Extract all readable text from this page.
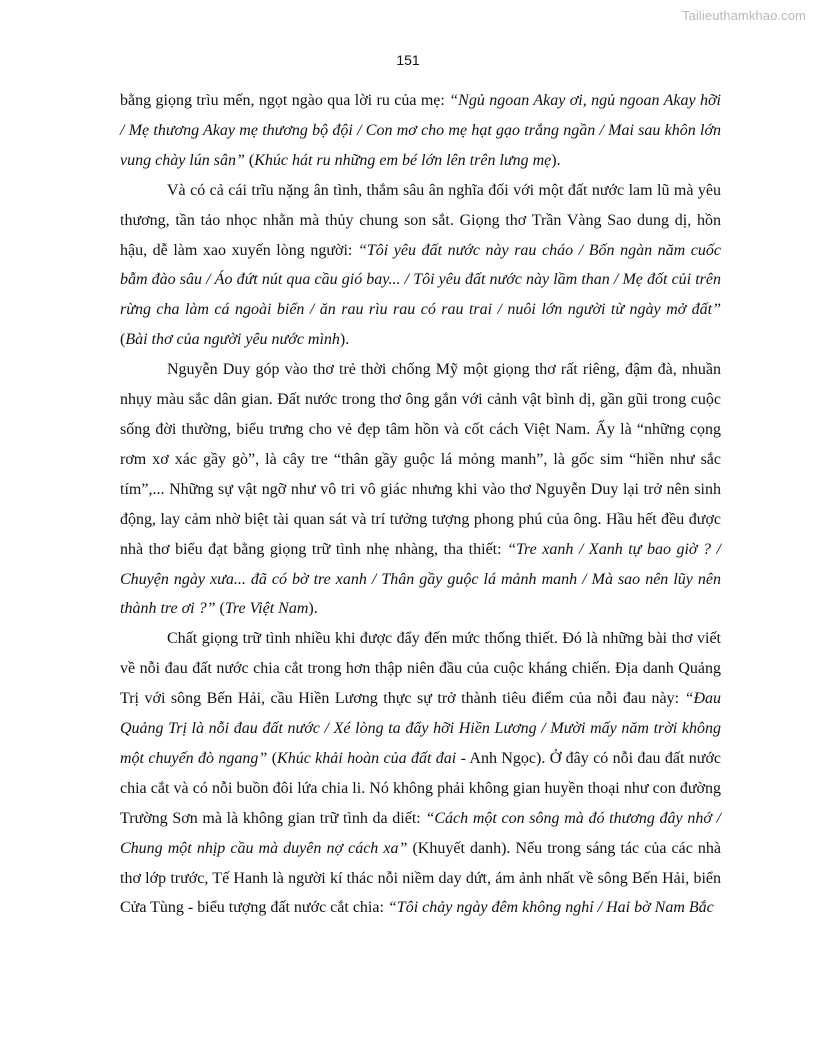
Tailieuthamkhao.com
151

bằng giọng trìu mến, ngọt ngào qua lời ru của mẹ: “Ngủ ngoan Akay ơi, ngủ ngoan Akay hỡi / Mẹ thương Akay mẹ thương bộ đội / Con mơ cho mẹ hạt gạo trắng ngần / Mai sau khôn lớn vung chày lún sân” (Khúc hát ru những em bé lớn lên trên lưng mẹ).

Và có cả cái trĩu nặng ân tình, thắm sâu ân nghĩa đối với một đất nước lam lũ mà yêu thương, tần tảo nhọc nhằn mà thủy chung son sắt. Giọng thơ Trần Vàng Sao dung dị, hồn hậu, dễ làm xao xuyến lòng người: “Tôi yêu đất nước này rau cháo / Bốn ngàn năm cuốc bẫm đào sâu / Áo đứt nút qua cầu gió bay... / Tôi yêu đất nước này lầm than / Mẹ đốt củi trên rừng cha làm cá ngoài biển / ăn rau rìu rau có rau trai / nuôi lớn người từ ngày mở đất” (Bài thơ của người yêu nước mình).

Nguyễn Duy góp vào thơ trẻ thời chống Mỹ một giọng thơ rất riêng, đậm đà, nhuần nhụy màu sắc dân gian. Đất nước trong thơ ông gắn với cảnh vật bình dị, gần gũi trong cuộc sống đời thường, biểu trưng cho vẻ đẹp tâm hồn và cốt cách Việt Nam. Ấy là “những cọng rơm xơ xác gầy gò”, là cây tre “thân gầy guộc lá mỏng manh”, là gốc sim “hiền như sắc tím”,... Những sự vật ngỡ như vô tri vô giác nhưng khi vào thơ Nguyễn Duy lại trở nên sinh động, lay cảm nhờ biệt tài quan sát và trí tưởng tượng phong phú của ông. Hầu hết đều được nhà thơ biểu đạt bằng giọng trữ tình nhẹ nhàng, tha thiết: “Tre xanh / Xanh tự bao giờ ? / Chuyện ngày xưa... đã có bờ tre xanh / Thân gầy guộc lá mảnh manh / Mà sao nên lũy nên thành tre ơi ?” (Tre Việt Nam).

Chất giọng trữ tình nhiều khi được đẩy đến mức thống thiết. Đó là những bài thơ viết về nỗi đau đất nước chia cắt trong hơn thập niên đầu của cuộc kháng chiến. Địa danh Quảng Trị với sông Bến Hải, cầu Hiền Lương thực sự trở thành tiêu điểm của nỗi đau này: “Đau Quảng Trị là nỗi đau đất nước / Xé lòng ta đẩy hỡi Hiền Lương / Mười mấy năm trời không một chuyến đò ngang” (Khúc khải hoàn của đất đai - Anh Ngọc). Ở đây có nỗi đau đất nước chia cắt và có nỗi buồn đôi lứa chia li. Nó không phải không gian huyền thoại như con đường Trường Sơn mà là không gian trữ tình da diết: “Cách một con sông mà đó thương đây nhớ / Chung một nhịp cầu mà duyên nợ cách xa” (Khuyết danh). Nếu trong sáng tác của các nhà thơ lớp trước, Tế Hanh là người kí thác nỗi niềm day dứt, ám ảnh nhất về sông Bến Hải, biển Cửa Tùng - biểu tượng đất nước cắt chia: “Tôi chảy ngày đêm không nghỉ / Hai bờ Nam Bắc
